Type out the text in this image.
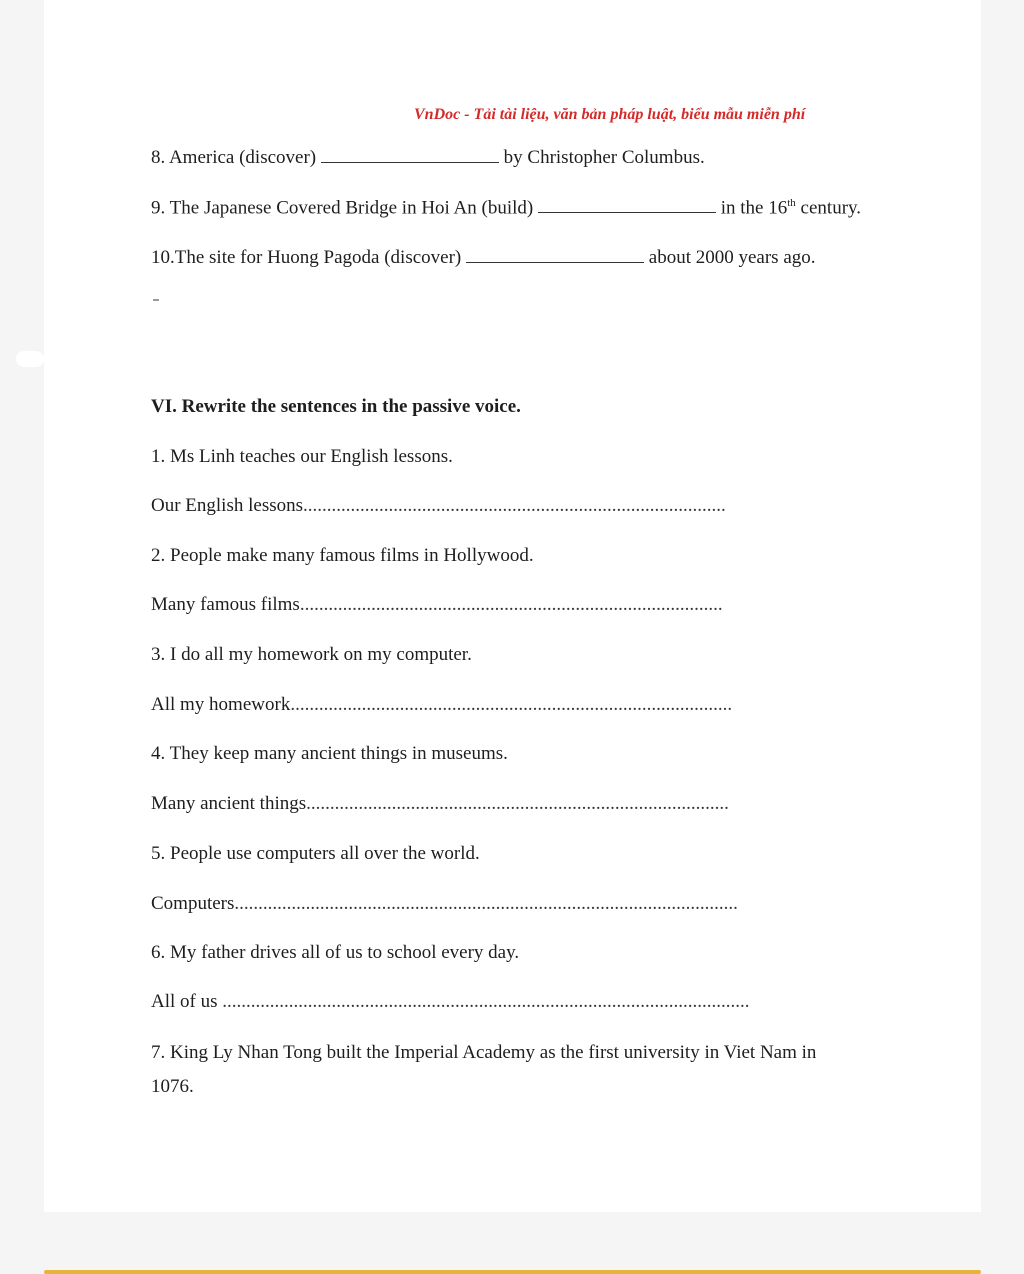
VnDoc - Tải tài liệu, văn bản pháp luật, biểu mẫu miễn phí
8. America (discover)	by Christopher Columbus.
9. The Japanese Covered Bridge in Hoi An (build)	in the 16th century.
10.The site for Huong Pagoda (discover)	about 2000 years ago.
VI. Rewrite the sentences in the passive voice.
1. Ms Linh teaches our English lessons.
Our English lessons.........................................................................................
2. People make many famous films in Hollywood.
Many famous films.........................................................................................
3. I do all my homework on my computer.
All my homework.............................................................................................
4. They keep many ancient things in museums.
Many ancient things.........................................................................................
5. People use computers all over the world.
Computers..........................................................................................................
6. My father drives all of us to school every day.
All of us ...............................................................................................................
7. King Ly Nhan Tong built the Imperial Academy as the first university in Viet Nam in
1076.
